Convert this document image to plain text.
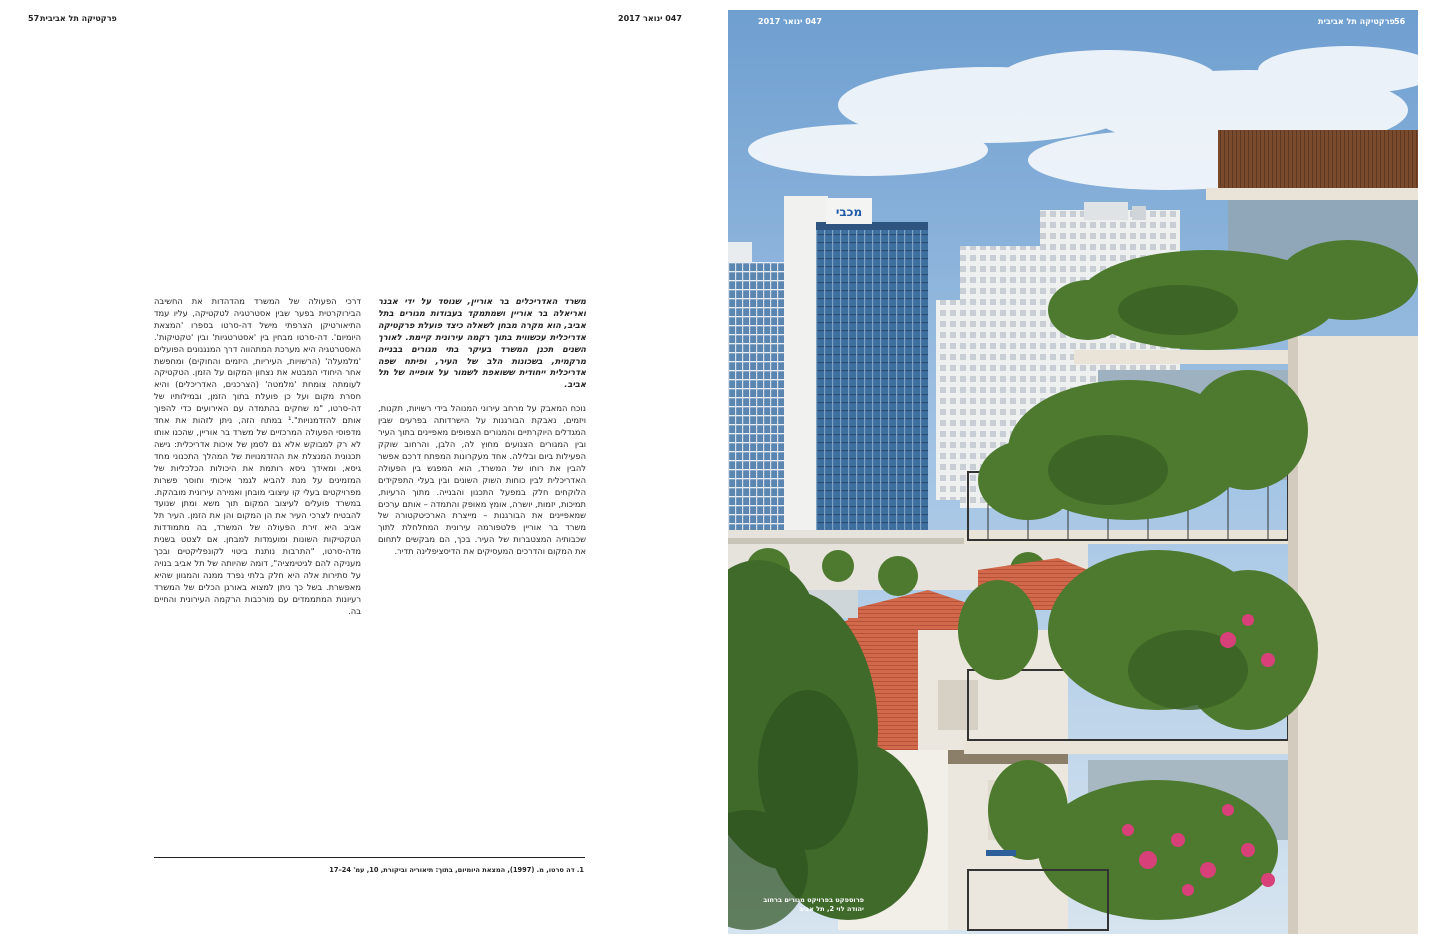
57 פרקטיקה תל אביבית	047 ינואר 2017

משרד האדריכלים בר אוריין, שנוסד על ידי אבנר ואריאלה בר אוריין ושמתמקד בעבודות מגורים בתל אביב, הוא מקרה מבחן לשאלה כיצד פועלת פרקטיקה אדריכלית עכשווית בתוך רקמה עירונית קיימת. לאורך השנים תכנן המשרד בעיקר בתי מגורים בבנייה מרקמית, בשכונות הלב של העיר, ופיתח שפה אדריכלית ייחודית ששואפת לשמור על אופייה של תל אביב.

נוכח המאבק על מרחב עירוני המנוהל בידי רשויות, תקנות, ויזמים, נאבקת הבורגנות על הישרדותה בפרעים שבין המגדלים היוקרתיים והמגורים הצפופים מאפיינים בתוך העיר ובין המגורים הצנועים מחוץ לה, הלבן, והרחוב שוקק הפעילות ביום ובלילה. אחד מעקרונות המפתח דרכם אפשר להבין את רוחו של המשרד, הוא המפגש בין הפעולה האדריכלית לבין כוחות השוק השונים ובין בעלי התפקידים הלוקחים חלק במפעל התכנון והבנייה. מתוך הרעיות, תמיכות, יזמות, יושרה, אומץ מאופק והתמדה – אותם ערכים שמאפיינים את הבורגנות – מייצרת הארכיטקטורה של משרד בר אוריין פלטפורמה עירונית המחלחלת לתוך שכבותיה המצטברות של העיר. בכך, הם מבקשים לתחום את המקום והדרכים המעסיקים את הדיסציפלינה תדיר.

דרכי הפעולה של המשרד מהדהדות את החשיבה הבירוקרטית בפער שבין אסטרטגיה לטקטיקה, עליו עמד התיאורטיקן הצרפתי מישל דה-סרטו בספרו 'המצאת היומיום'. דה-סרטו מבחין בין 'אסטרטגיות' ובין 'טקטיקות'. האסטרטגיה היא מערכת המתהווה דרך המנגנונים הפועלים 'מלמעלה' (הרשויות, העיריות, היזמים והחוקים) ומחפשת אחר היחודי המבטא את נצחון המקום על הזמן. הטקטיקה לעומתה צומחת 'מלמטה' (הצרכנים, האדריכלים) והיא חסרת מקום ועל כן פועלת בתוך הזמן, ובמילותיו של דה-סרטו, "מ שחקים בהתמדה עם האירועים כדי להפוך אותם להזדמנויות".¹ במתח הזה, ניתן לזהות את אחד מדפוסי הפעולה המרכזיים של משרד בר אוריין, שהכנו אותו לא רק למבוקש אלא גם לסמן של איכות אדריכלית: גישה תכנונית המנצלת את ההזדמנויות של המהלך התכנוני מחד גיסא, ומאידך גיסא רותמת את היכולות הכלכליות של המזמינים על מנת להביא לגמר איכותי וחוסר פשרות מפרויקטים בעלי קו עיצובי מובחן ואמירה עירונית מובהקת. במשרד פועלים לעיצוב המקום תוך משא ומתן שנועד להבטיח לצרכי העיר את הן המקום והן את הזמן. העיר תל אביב היא זירת הפעולה של המשרד, בה מתמודדות הטקטיקות השונות ומועמדות למבחן. אם לצטט בשנית מדה-סרטו, "התרבות נותנת ביטוי לקונפליקטים ובכך מעניקה להם לגיטימציה", דומה שהיותה של תל אביב בנויה על סתירות אלה היא חלק בלתי נפרד ממנה והמגוון שהיא מאפשרת. בשל כך ניתן למצוא באורגן הכלים של המשרד רעיונות המתממדים עם מורכבות הרקמה העירונית והחיים בה.

1. דה סרטו, מ. (1997), המצאת היומיום, בתוך: תיאוריה וביקורת, 10, עמ' 24–17
מכבי
047 ינואר 2017	פרקטיקה תל אביבית 56
פרוספקט בפרויקט מגורים ברחוב יהודה לוי 2, תל אביב
